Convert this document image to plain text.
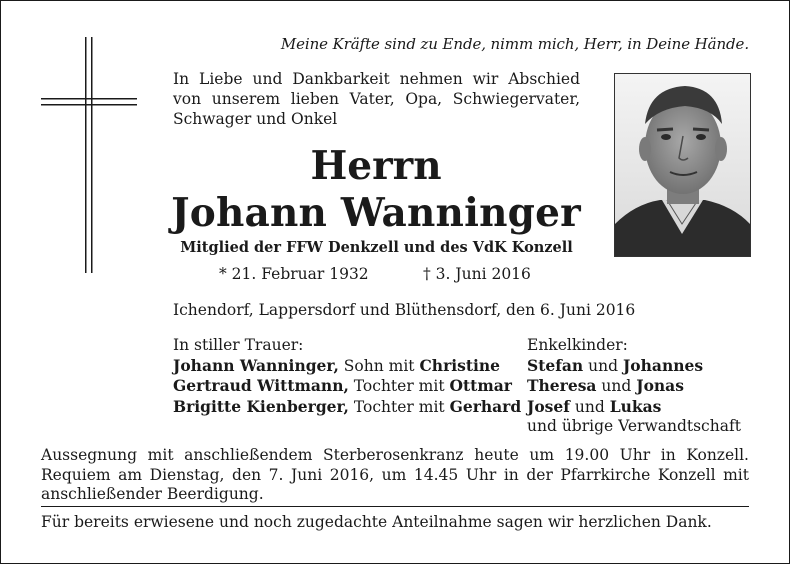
Meine Kräfte sind zu Ende, nimm mich, Herr, in Deine Hände.
In Liebe und Dankbarkeit nehmen wir Abschied von unserem lieben Vater, Opa, Schwiegervater, Schwager und Onkel
Herrn
Johann Wanninger
Mitglied der FFW Denkzell und des VdK Konzell
* 21. Februar 1932	† 3. Juni 2016
Ichendorf, Lappersdorf und Blüthensdorf, den 6. Juni 2016
In stiller Trauer:
Johann Wanninger, Sohn mit Christine
Gertraud Wittmann, Tochter mit Ottmar
Brigitte Kienberger, Tochter mit Gerhard
Enkelkinder:
Stefan und Johannes
Theresa und Jonas
Josef und Lukas
und übrige Verwandtschaft
Aussegnung mit anschließendem Sterberosenkranz heute um 19.00 Uhr in Konzell. Requiem am Dienstag, den 7. Juni 2016, um 14.45 Uhr in der Pfarrkirche Konzell mit anschließender Beerdigung.
Für bereits erwiesene und noch zugedachte Anteilnahme sagen wir herzlichen Dank.
